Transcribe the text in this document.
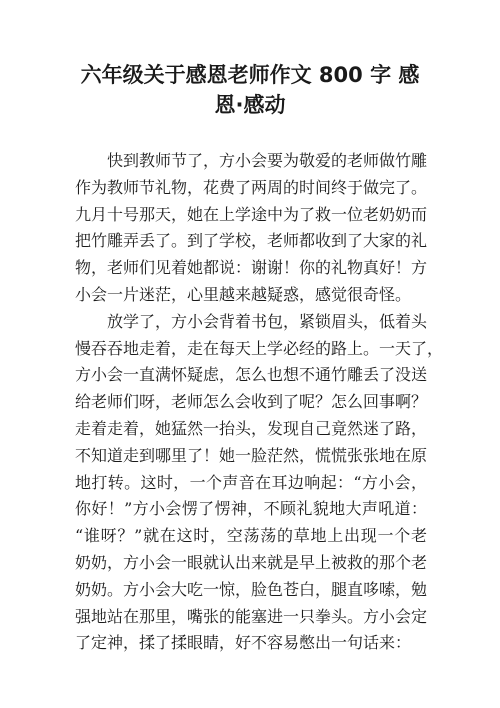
六年级关于感恩老师作文 800 字 感
恩·感动

快到教师节了，方小会要为敬爱的老师做竹雕
作为教师节礼物，花费了两周的时间终于做完了。
九月十号那天，她在上学途中为了救一位老奶奶而
把竹雕弄丢了。到了学校，老师都收到了大家的礼
物，老师们见着她都说：谢谢！你的礼物真好！方
小会一片迷茫，心里越来越疑惑，感觉很奇怪。

放学了，方小会背着书包，紧锁眉头，低着头
慢吞吞地走着，走在每天上学必经的路上。一天了，
方小会一直满怀疑虑，怎么也想不通竹雕丢了没送
给老师们呀，老师怎么会收到了呢？怎么回事啊？
走着走着，她猛然一抬头，发现自己竟然迷了路，
不知道走到哪里了！她一脸茫然，慌慌张张地在原
地打转。这时，一个声音在耳边响起：“方小会，
你好！”方小会愣了愣神，不顾礼貌地大声吼道：
“谁呀？”就在这时，空荡荡的草地上出现一个老
奶奶，方小会一眼就认出来就是早上被救的那个老
奶奶。方小会大吃一惊，脸色苍白，腿直哆嗦，勉
强地站在那里，嘴张的能塞进一只拳头。方小会定
了定神，揉了揉眼睛，好不容易憋出一句话来：
